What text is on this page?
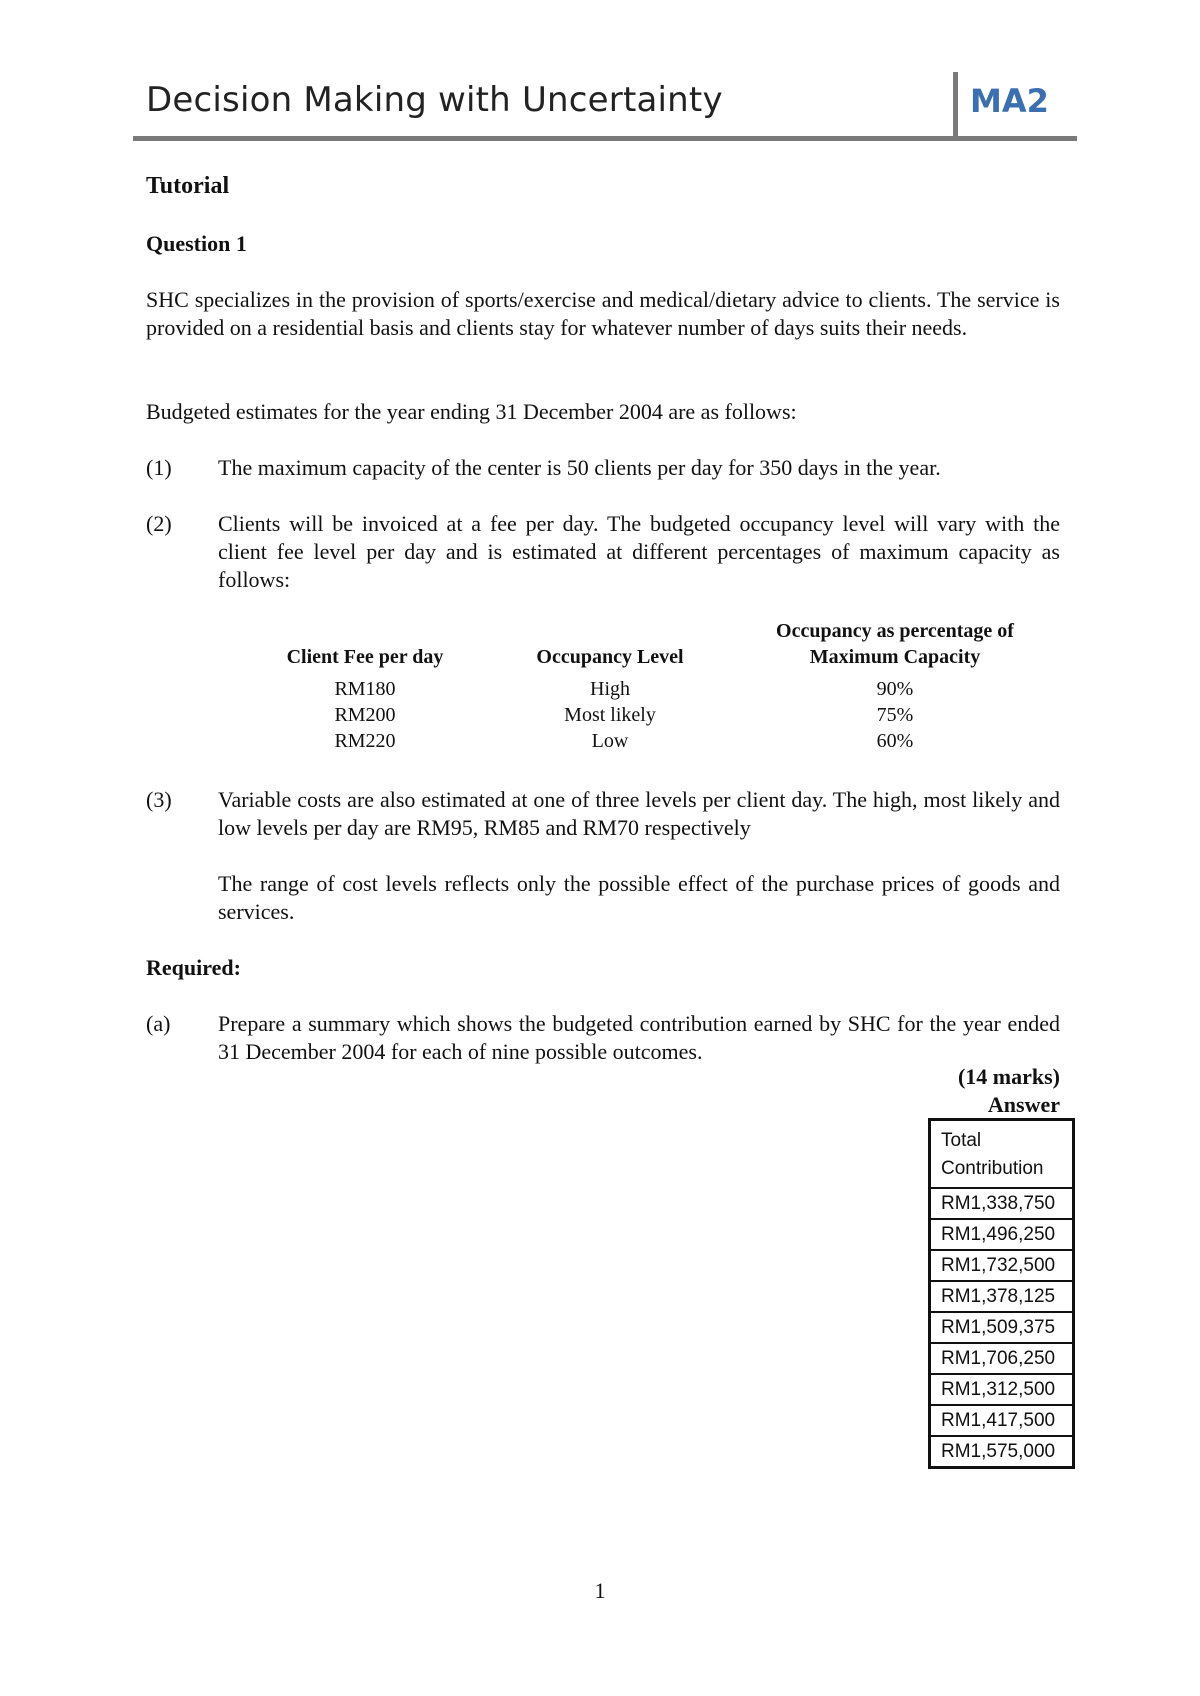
Decision Making with Uncertainty	MA2
Tutorial
Question 1
SHC specializes in the provision of sports/exercise and medical/dietary advice to clients. The service is provided on a residential basis and clients stay for whatever number of days suits their needs.
Budgeted estimates for the year ending 31 December 2004 are as follows:
(1) The maximum capacity of the center is 50 clients per day for 350 days in the year.
(2) Clients will be invoiced at a fee per day. The budgeted occupancy level will vary with the client fee level per day and is estimated at different percentages of maximum capacity as follows:
Client Fee per day	Occupancy Level	Occupancy as percentage of Maximum Capacity
RM180	High	90%
RM200	Most likely	75%
RM220	Low	60%
(3) Variable costs are also estimated at one of three levels per client day. The high, most likely and low levels per day are RM95, RM85 and RM70 respectively
The range of cost levels reflects only the possible effect of the purchase prices of goods and services.
Required:
(a) Prepare a summary which shows the budgeted contribution earned by SHC for the year ended 31 December 2004 for each of nine possible outcomes.
(14 marks)
Answer
Total Contribution
RM1,338,750
RM1,496,250
RM1,732,500
RM1,378,125
RM1,509,375
RM1,706,250
RM1,312,500
RM1,417,500
RM1,575,000
1
